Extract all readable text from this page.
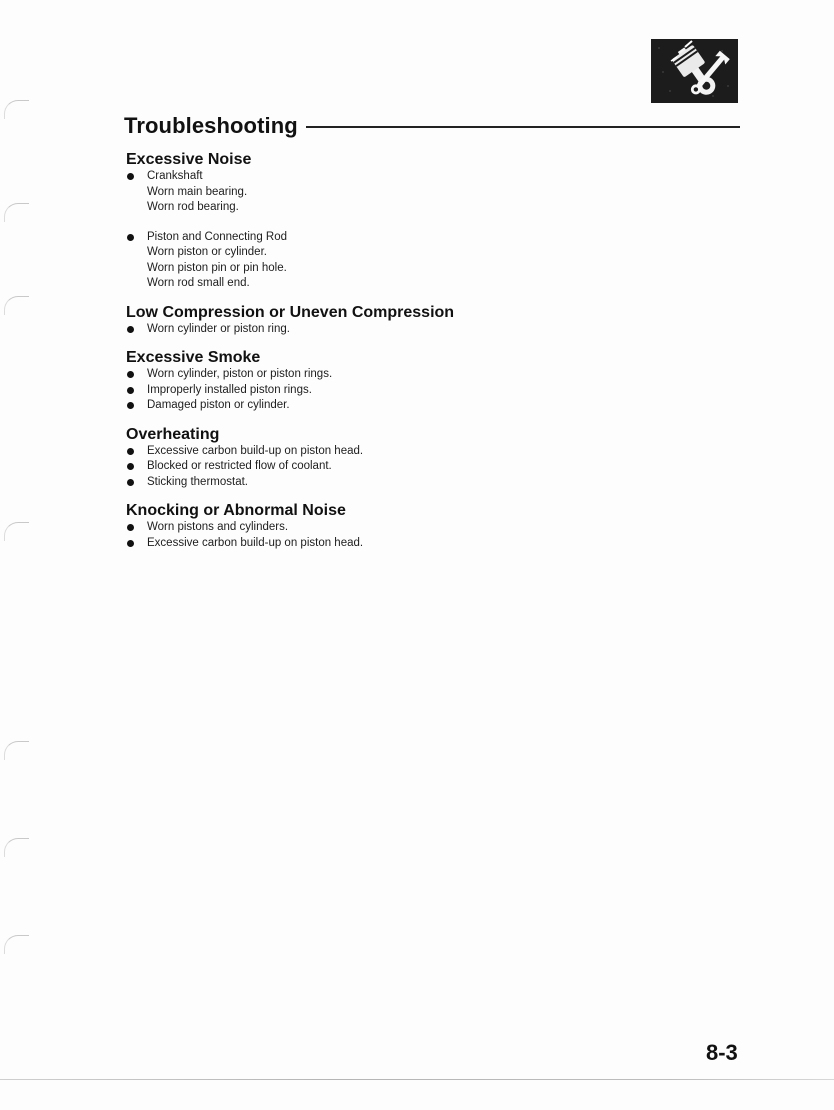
Troubleshooting
Excessive Noise
Crankshaft
Worn main bearing.
Worn rod bearing.
Piston and Connecting Rod
Worn piston or cylinder.
Worn piston pin or pin hole.
Worn rod small end.
Low Compression or Uneven Compression
Worn cylinder or piston ring.
Excessive Smoke
Worn cylinder, piston or piston rings.
Improperly installed piston rings.
Damaged piston or cylinder.
Overheating
Excessive carbon build-up on piston head.
Blocked or restricted flow of coolant.
Sticking thermostat.
Knocking or Abnormal Noise
Worn pistons and cylinders.
Excessive carbon build-up on piston head.
8-3
